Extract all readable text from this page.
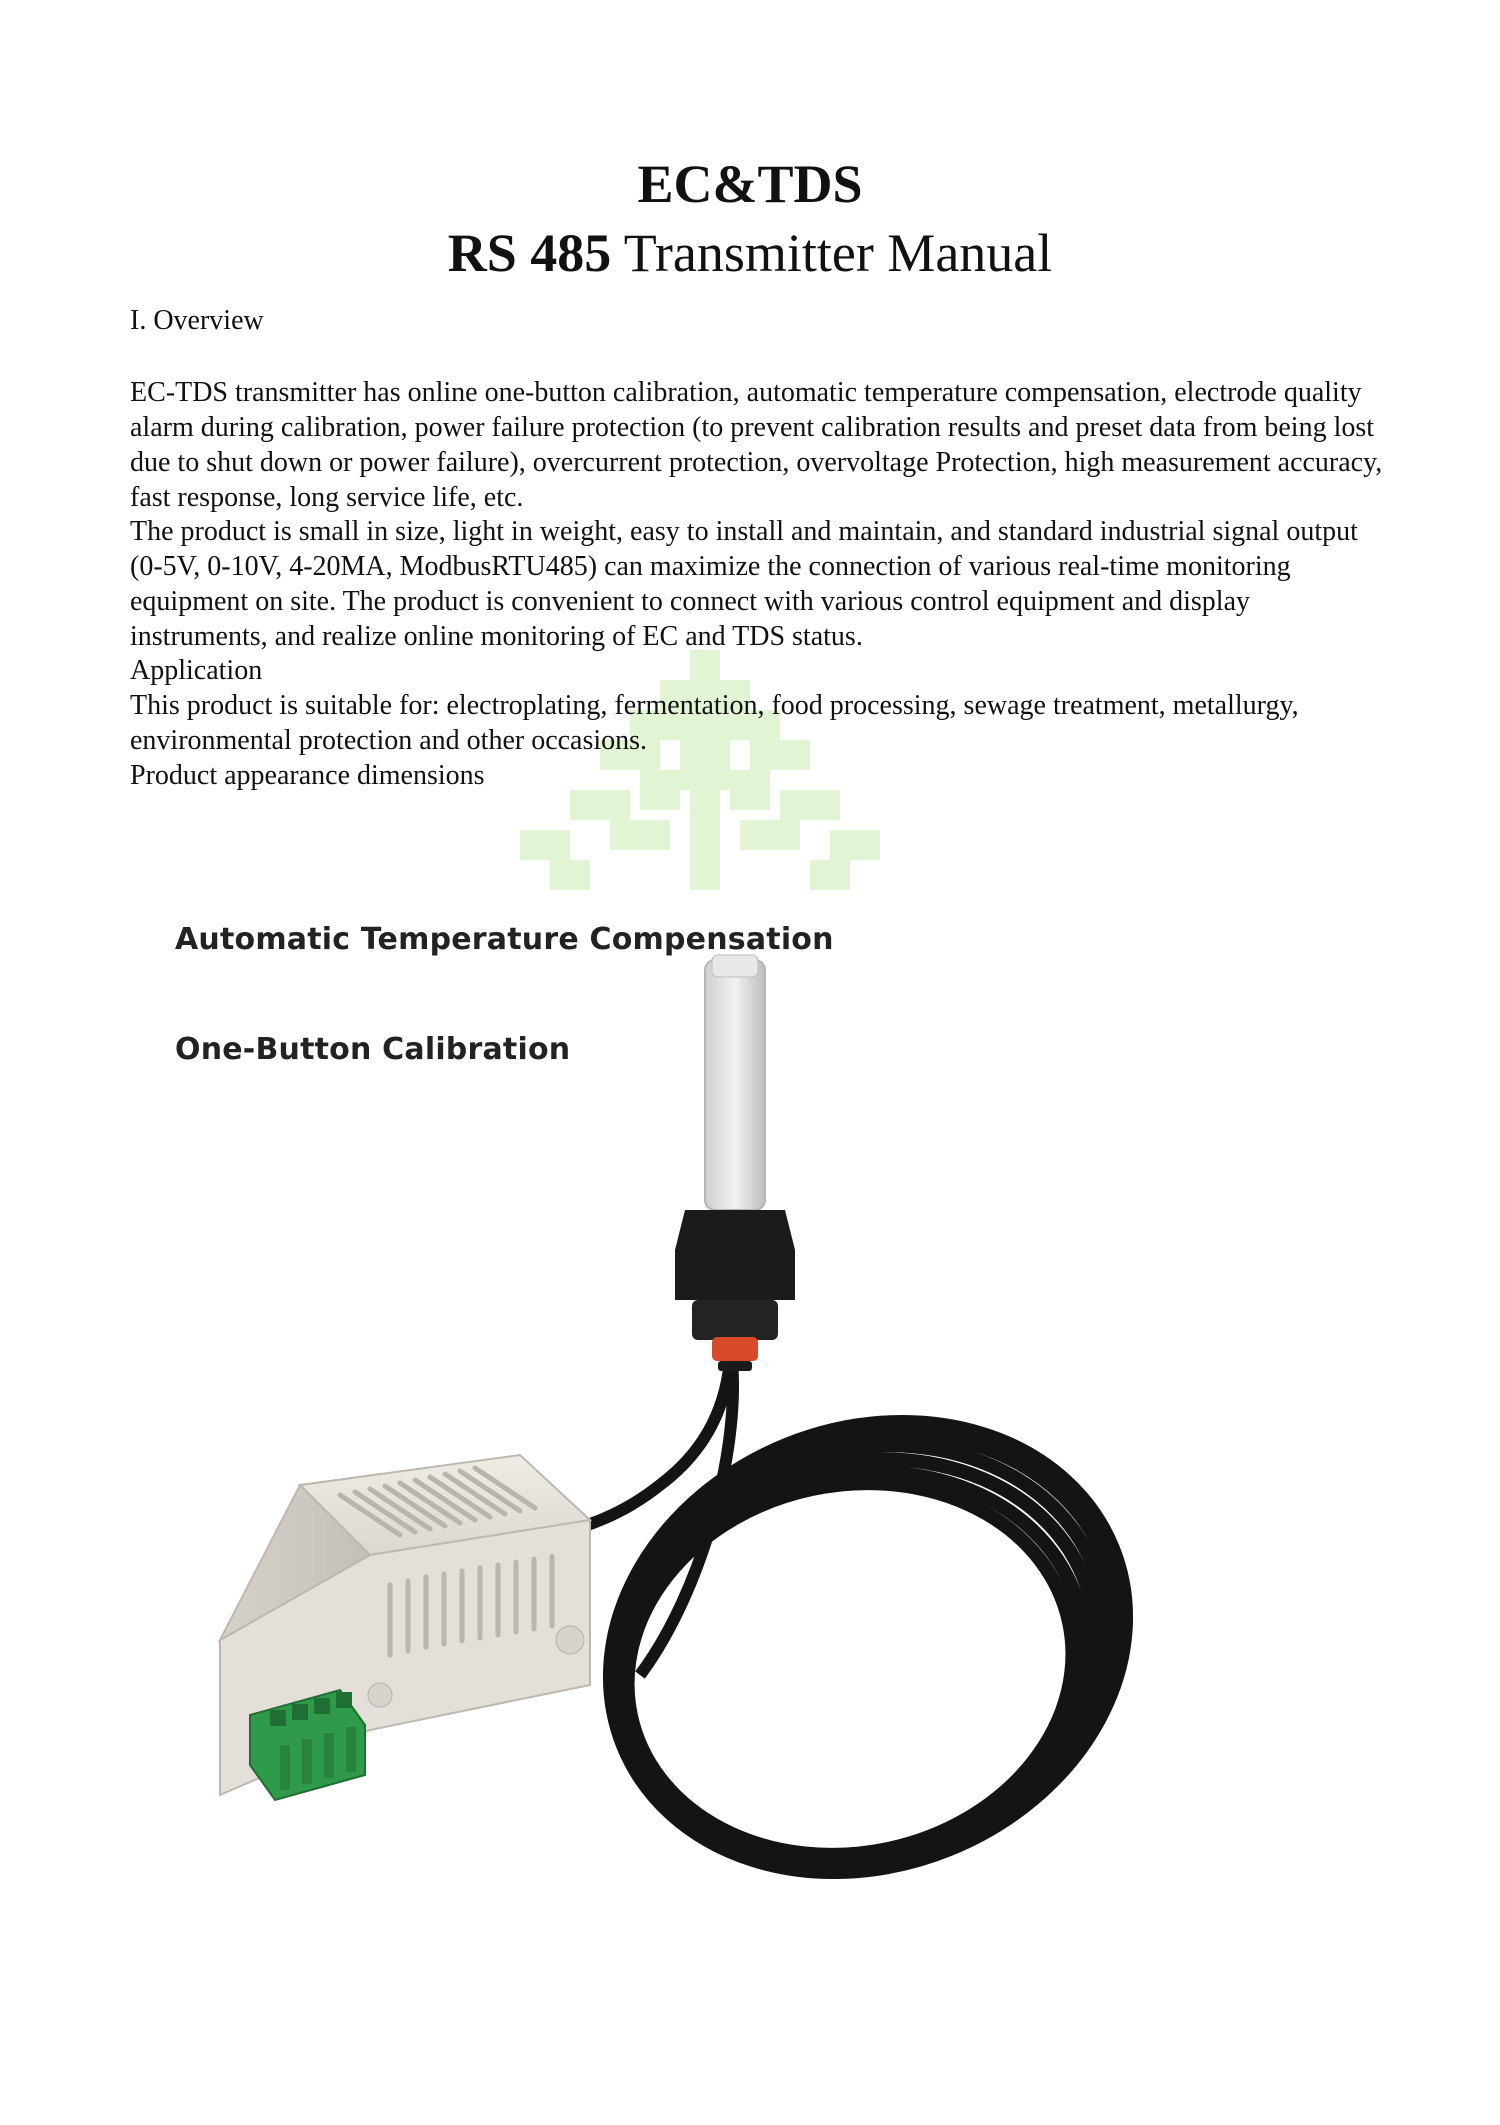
EC&TDS
RS 485 Transmitter Manual

I. Overview

EC-TDS transmitter has online one-button calibration, automatic temperature compensation, electrode quality alarm during calibration, power failure protection (to prevent calibration results and preset data from being lost due to shut down or power failure), overcurrent protection, overvoltage Protection, high measurement accuracy, fast response, long service life, etc.

The product is small in size, light in weight, easy to install and maintain, and standard industrial signal output (0-5V, 0-10V, 4-20MA, ModbusRTU485) can maximize the connection of various real-time monitoring equipment on site. The product is convenient to connect with various control equipment and display instruments, and realize online monitoring of EC and TDS status.

Application

This product is suitable for: electroplating, fermentation, food processing, sewage treatment, metallurgy, environmental protection and other occasions.

Product appearance dimensions

Automatic Temperature Compensation
One-Button Calibration
